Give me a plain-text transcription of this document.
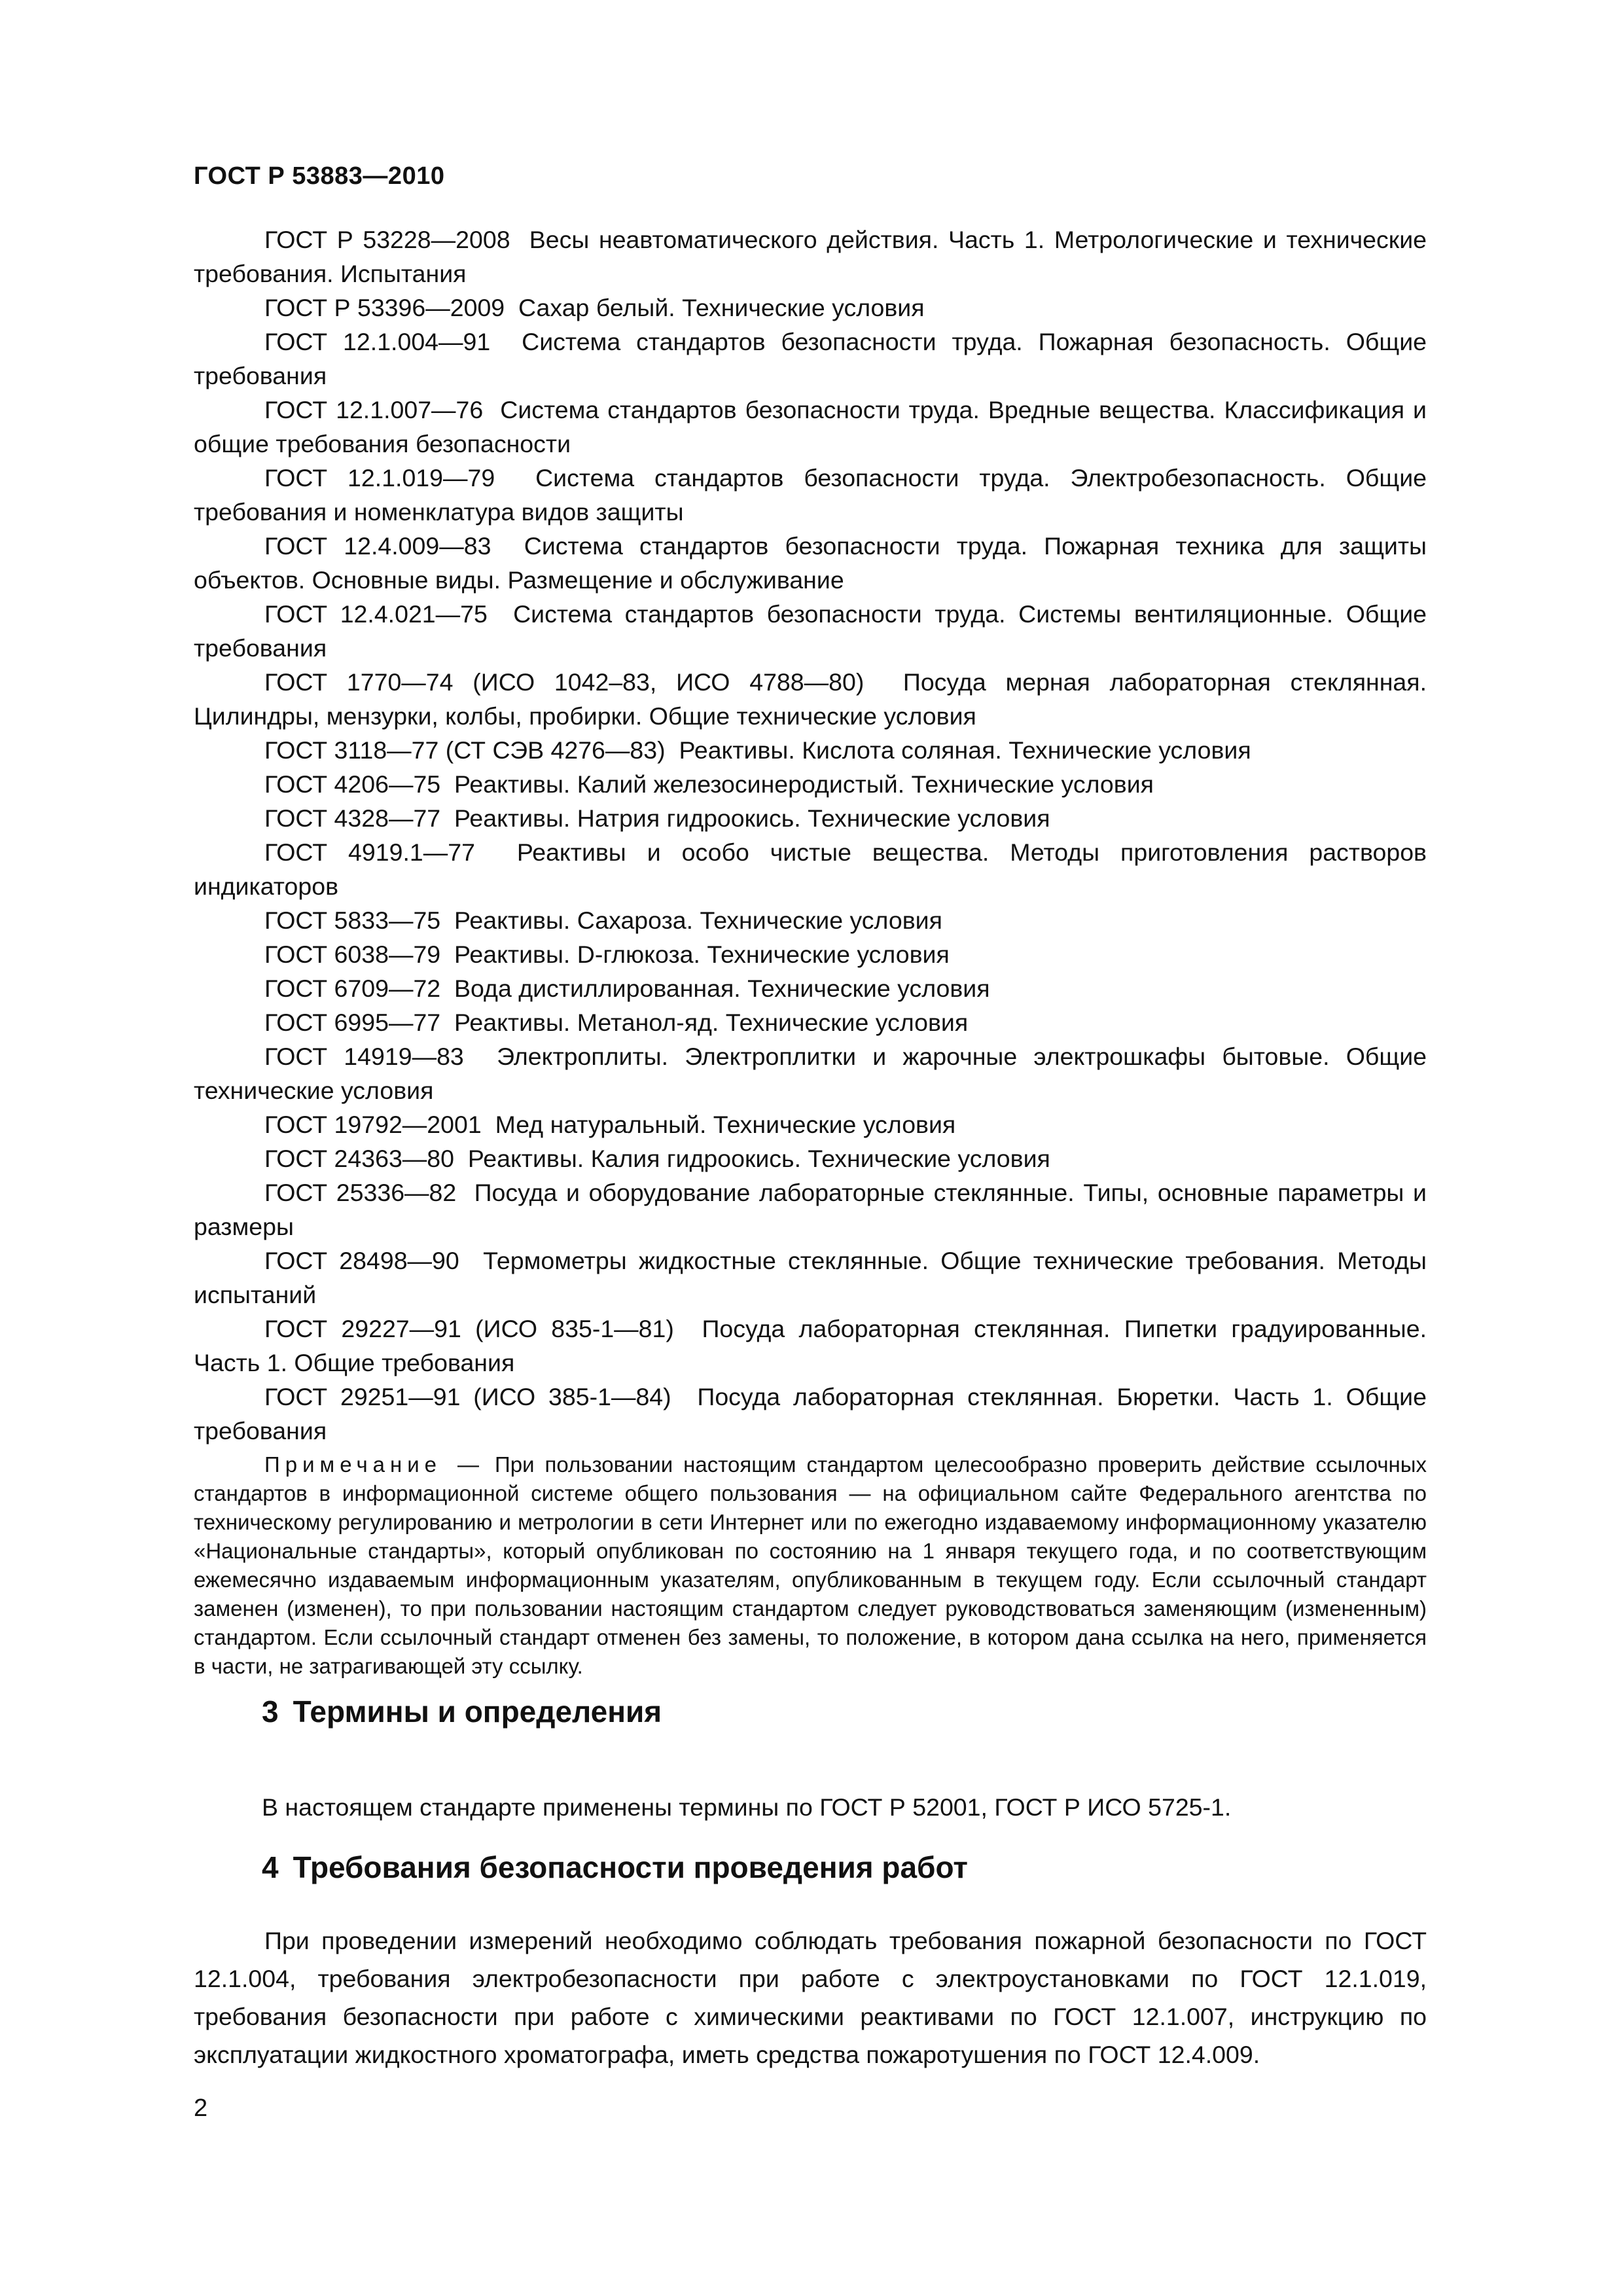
ГОСТ Р 53883—2010

ГОСТ Р 53228—2008 Весы неавтоматического действия. Часть 1. Метрологические и технические требования. Испытания

ГОСТ Р 53396—2009 Сахар белый. Технические условия

ГОСТ 12.1.004—91 Система стандартов безопасности труда. Пожарная безопасность. Общие требования

ГОСТ 12.1.007—76 Система стандартов безопасности труда. Вредные вещества. Классификация и общие требования безопасности

ГОСТ 12.1.019—79 Система стандартов безопасности труда. Электробезопасность. Общие требования и номенклатура видов защиты

ГОСТ 12.4.009—83 Система стандартов безопасности труда. Пожарная техника для защиты объектов. Основные виды. Размещение и обслуживание

ГОСТ 12.4.021—75 Система стандартов безопасности труда. Системы вентиляционные. Общие требования

ГОСТ 1770—74 (ИСО 1042–83, ИСО 4788—80) Посуда мерная лабораторная стеклянная. Цилиндры, мензурки, колбы, пробирки. Общие технические условия

ГОСТ 3118—77 (СТ СЭВ 4276—83) Реактивы. Кислота соляная. Технические условия

ГОСТ 4206—75 Реактивы. Калий железосинеродистый. Технические условия

ГОСТ 4328—77 Реактивы. Натрия гидроокись. Технические условия

ГОСТ 4919.1—77 Реактивы и особо чистые вещества. Методы приготовления растворов индикаторов

ГОСТ 5833—75 Реактивы. Сахароза. Технические условия

ГОСТ 6038—79 Реактивы. D-глюкоза. Технические условия

ГОСТ 6709—72 Вода дистиллированная. Технические условия

ГОСТ 6995—77 Реактивы. Метанол-яд. Технические условия

ГОСТ 14919—83 Электроплиты. Электроплитки и жарочные электрошкафы бытовые. Общие технические условия

ГОСТ 19792—2001 Мед натуральный. Технические условия

ГОСТ 24363—80 Реактивы. Калия гидроокись. Технические условия

ГОСТ 25336—82 Посуда и оборудование лабораторные стеклянные. Типы, основные параметры и размеры

ГОСТ 28498—90 Термометры жидкостные стеклянные. Общие технические требования. Методы испытаний

ГОСТ 29227—91 (ИСО 835-1—81) Посуда лабораторная стеклянная. Пипетки градуированные. Часть 1. Общие требования

ГОСТ 29251—91 (ИСО 385-1—84) Посуда лабораторная стеклянная. Бюретки. Часть 1. Общие требования

Примечание — При пользовании настоящим стандартом целесообразно проверить действие ссылочных стандартов в информационной системе общего пользования — на официальном сайте Федерального агентства по техническому регулированию и метрологии в сети Интернет или по ежегодно издаваемому информационному указателю «Национальные стандарты», который опубликован по состоянию на 1 января текущего года, и по соответствующим ежемесячно издаваемым информационным указателям, опубликованным в текущем году. Если ссылочный стандарт заменен (изменен), то при пользовании настоящим стандартом следует руководствоваться заменяющим (измененным) стандартом. Если ссылочный стандарт отменен без замены, то положение, в котором дана ссылка на него, применяется в части, не затрагивающей эту ссылку.

3 Термины и определения

В настоящем стандарте применены термины по ГОСТ Р 52001, ГОСТ Р ИСО 5725-1.

4 Требования безопасности проведения работ

При проведении измерений необходимо соблюдать требования пожарной безопасности по ГОСТ 12.1.004, требования электробезопасности при работе с электроустановками по ГОСТ 12.1.019, требования безопасности при работе с химическими реактивами по ГОСТ 12.1.007, инструкцию по эксплуатации жидкостного хроматографа, иметь средства пожаротушения по ГОСТ 12.4.009.

2
